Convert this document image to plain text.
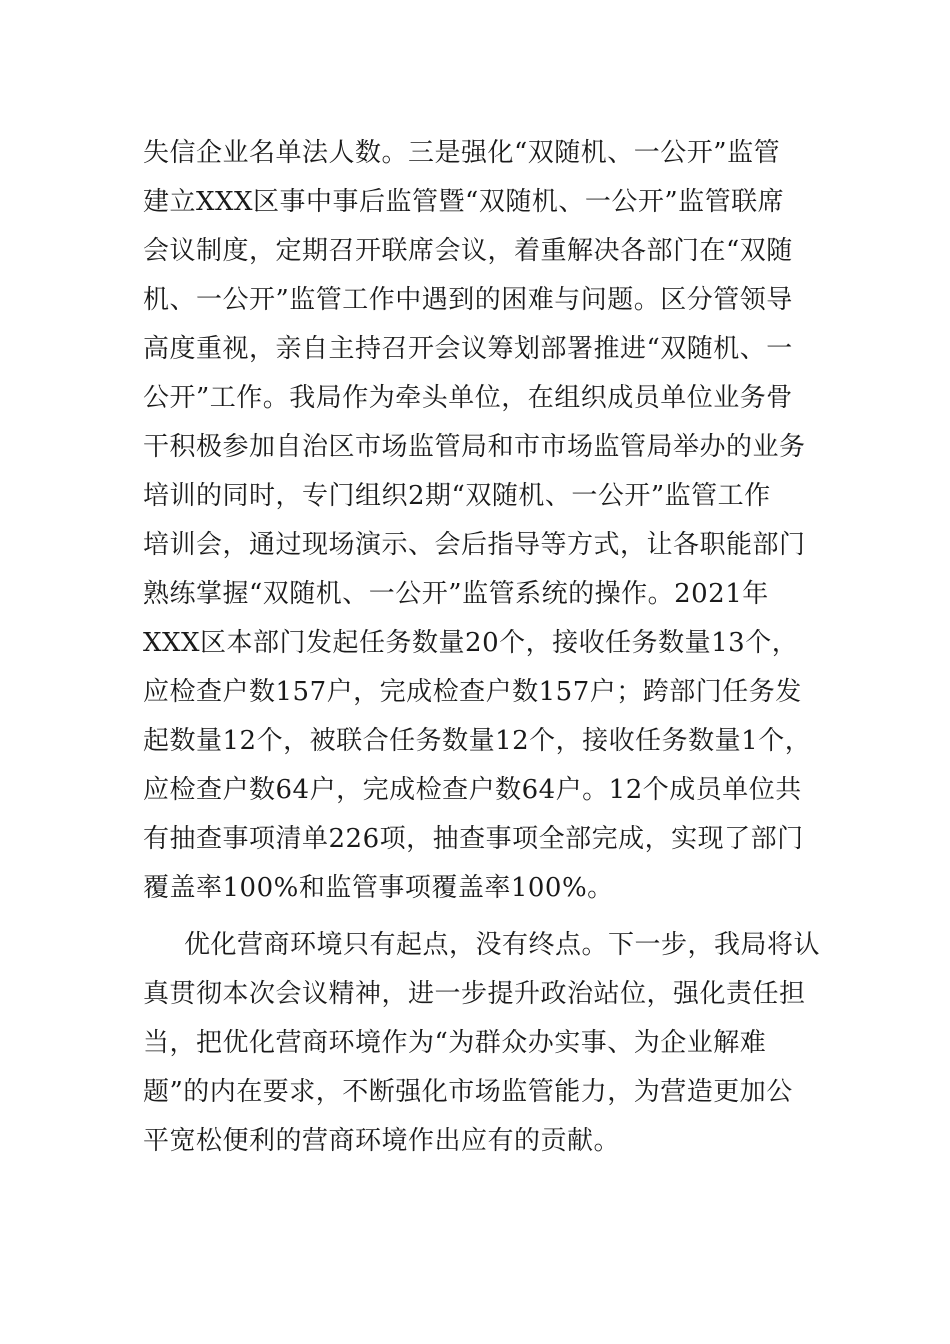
失信企业名单法人数。三是强化“双随机、一公开”监管
建立XXX区事中事后监管暨“双随机、一公开”监管联席
会议制度，定期召开联席会议，着重解决各部门在“双随
机、一公开”监管工作中遇到的困难与问题。区分管领导
高度重视，亲自主持召开会议筹划部署推进“双随机、一
公开”工作。我局作为牵头单位，在组织成员单位业务骨
干积极参加自治区市场监管局和市市场监管局举办的业务
培训的同时，专门组织2期“双随机、一公开”监管工作
培训会，通过现场演示、会后指导等方式，让各职能部门
熟练掌握“双随机、一公开”监管系统的操作。2021年
XXX区本部门发起任务数量20个，接收任务数量13个，
应检查户数157户，完成检查户数157户；跨部门任务发
起数量12个，被联合任务数量12个，接收任务数量1个，
应检查户数64户，完成检查户数64户。12个成员单位共
有抽查事项清单226项，抽查事项全部完成，实现了部门
覆盖率100%和监管事项覆盖率100%。
优化营商环境只有起点，没有终点。下一步，我局将认
真贯彻本次会议精神，进一步提升政治站位，强化责任担
当，把优化营商环境作为“为群众办实事、为企业解难
题”的内在要求，不断强化市场监管能力，为营造更加公
平宽松便利的营商环境作出应有的贡献。
